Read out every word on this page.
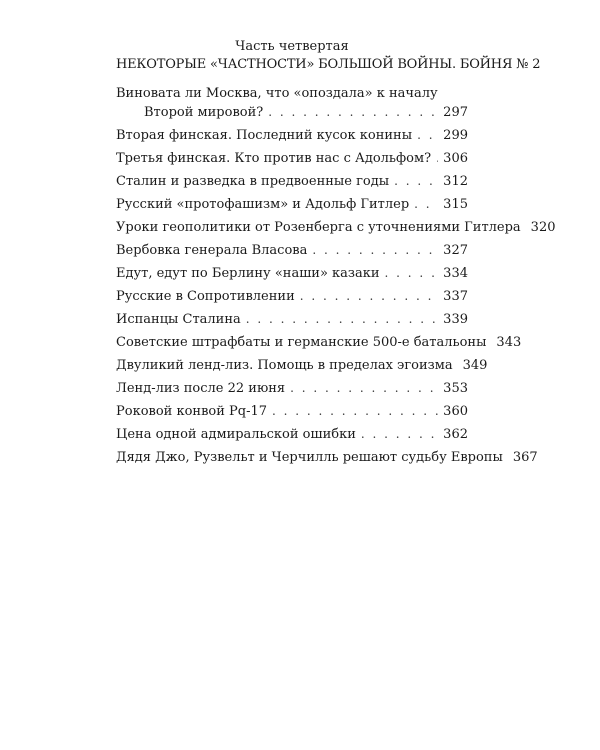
Часть четвертая

НЕКОТОРЫЕ «ЧАСТНОСТИ» БОЛЬШОЙ ВОЙНЫ. БОЙНЯ № 2

Виновата ли Москва, что «опоздала» к началу
Второй мировой? . . .	297
Вторая финская. Последний кусок конины . . . 299
Третья финская. Кто против нас с Адольфом? . . . 306
Сталин и разведка в предвоенные годы . . .	312
Русский «протофашизм» и Адольф Гитлер . . .	315
Уроки геополитики от Розенберга с уточнениями Гитлера 320
Вербовка генерала Власова . . .	327
Едут, едут по Берлину «наши» казаки . . .	334
Русские в Сопротивлении . . .	337
Испанцы Сталина . . .	339
Советские штрафбаты и германские 500-е батальоны 343
Двуликий ленд-лиз. Помощь в пределах эгоизма 349
Ленд-лиз после 22 июня . . .	353
Роковой конвой Pq-17 . . .	360
Цена одной адмиральской ошибки . . .	362
Дядя Джо, Рузвельт и Черчилль решают судьбу Европы 367
